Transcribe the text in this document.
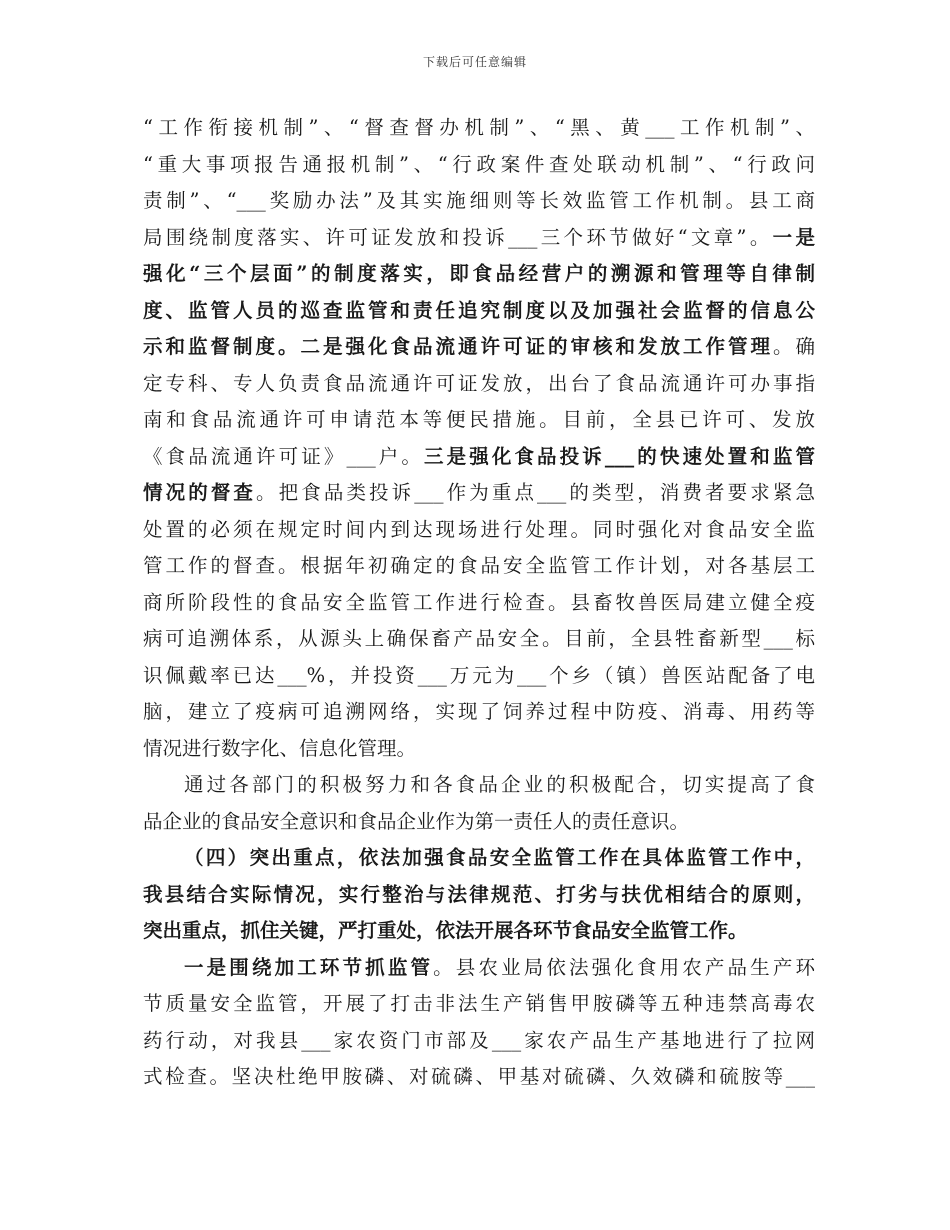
下载后可任意编辑
“工作衔接机制”、“督查督办机制”、“黑、黄___工作机制”、
“重大事项报告通报机制”、“行政案件查处联动机制”、“行政问
责制”、“___奖励办法”及其实施细则等长效监管工作机制。县工商
局围绕制度落实、许可证发放和投诉___三个环节做好“文章”。一是
强化“三个层面”的制度落实，即食品经营户的溯源和管理等自律制
度、监管人员的巡查监管和责任追究制度以及加强社会监督的信息公
示和监督制度。二是强化食品流通许可证的审核和发放工作管理。确
定专科、专人负责食品流通许可证发放，出台了食品流通许可办事指
南和食品流通许可申请范本等便民措施。目前，全县已许可、发放
《食品流通许可证》___户。三是强化食品投诉___的快速处置和监管
情况的督查。把食品类投诉___作为重点___的类型，消费者要求紧急
处置的必须在规定时间内到达现场进行处理。同时强化对食品安全监
管工作的督查。根据年初确定的食品安全监管工作计划，对各基层工
商所阶段性的食品安全监管工作进行检查。县畜牧兽医局建立健全疫
病可追溯体系，从源头上确保畜产品安全。目前，全县牲畜新型___标
识佩戴率已达___%，并投资___万元为___个乡（镇）兽医站配备了电
脑，建立了疫病可追溯网络，实现了饲养过程中防疫、消毒、用药等
情况进行数字化、信息化管理。
通过各部门的积极努力和各食品企业的积极配合，切实提高了食
品企业的食品安全意识和食品企业作为第一责任人的责任意识。
（四）突出重点，依法加强食品安全监管工作在具体监管工作中，
我县结合实际情况，实行整治与法律规范、打劣与扶优相结合的原则，
突出重点，抓住关键，严打重处，依法开展各环节食品安全监管工作。
一是围绕加工环节抓监管。县农业局依法强化食用农产品生产环
节质量安全监管，开展了打击非法生产销售甲胺磷等五种违禁高毒农
药行动，对我县___家农资门市部及___家农产品生产基地进行了拉网
式检查。坚决杜绝甲胺磷、对硫磷、甲基对硫磷、久效磷和硫胺等___
